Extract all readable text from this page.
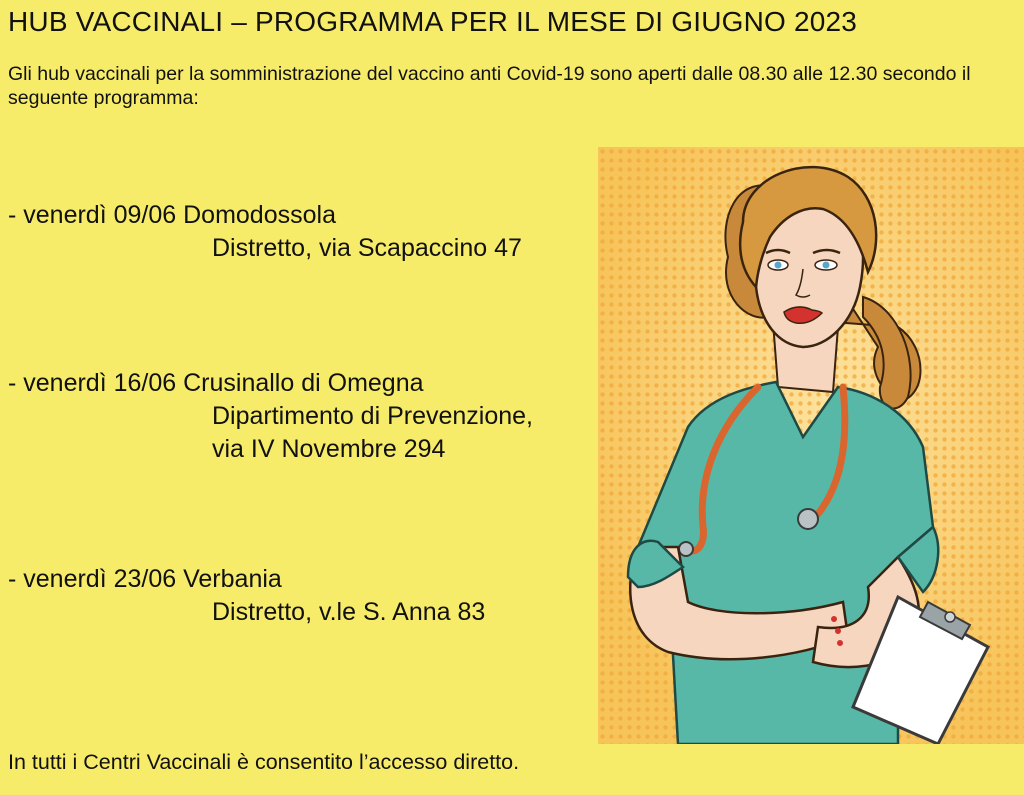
HUB VACCINALI – PROGRAMMA PER IL MESE DI GIUGNO 2023
Gli hub vaccinali per la somministrazione del vaccino anti Covid-19 sono aperti dalle 08.30 alle 12.30 secondo il seguente programma:
- venerdì 09/06 Domodossola
Distretto, via Scapaccino 47
- venerdì 16/06 Crusinallo di Omegna
Dipartimento di Prevenzione,
via IV Novembre 294
- venerdì 23/06 Verbania
Distretto, v.le S. Anna 83
In tutti i Centri Vaccinali è consentito l’accesso diretto.
